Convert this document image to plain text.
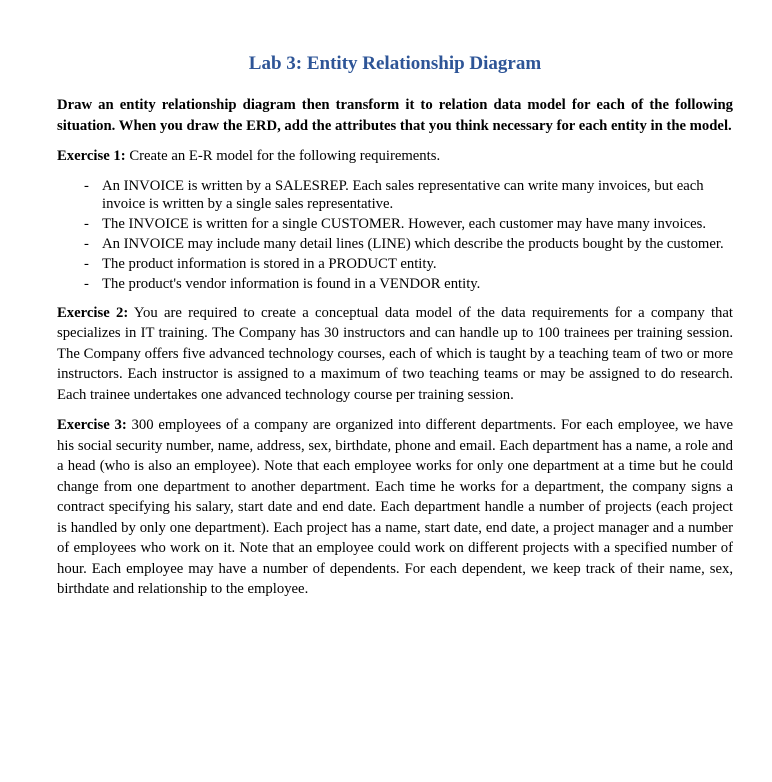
Lab 3: Entity Relationship Diagram

Draw an entity relationship diagram then transform it to relation data model for each of the following situation. When you draw the ERD, add the attributes that you think necessary for each entity in the model.

Exercise 1: Create an E-R model for the following requirements.

- An INVOICE is written by a SALESREP. Each sales representative can write many invoices, but each invoice is written by a single sales representative.
- The INVOICE is written for a single CUSTOMER. However, each customer may have many invoices.
- An INVOICE may include many detail lines (LINE) which describe the products bought by the customer.
- The product information is stored in a PRODUCT entity.
- The product's vendor information is found in a VENDOR entity.

Exercise 2: You are required to create a conceptual data model of the data requirements for a company that specializes in IT training. The Company has 30 instructors and can handle up to 100 trainees per training session. The Company offers five advanced technology courses, each of which is taught by a teaching team of two or more instructors. Each instructor is assigned to a maximum of two teaching teams or may be assigned to do research. Each trainee undertakes one advanced technology course per training session.

Exercise 3: 300 employees of a company are organized into different departments. For each employee, we have his social security number, name, address, sex, birthdate, phone and email. Each department has a name, a role and a head (who is also an employee). Note that each employee works for only one department at a time but he could change from one department to another department. Each time he works for a department, the company signs a contract specifying his salary, start date and end date. Each department handle a number of projects (each project is handled by only one department). Each project has a name, start date, end date, a project manager and a number of employees who work on it. Note that an employee could work on different projects with a specified number of hour. Each employee may have a number of dependents. For each dependent, we keep track of their name, sex, birthdate and relationship to the employee.
